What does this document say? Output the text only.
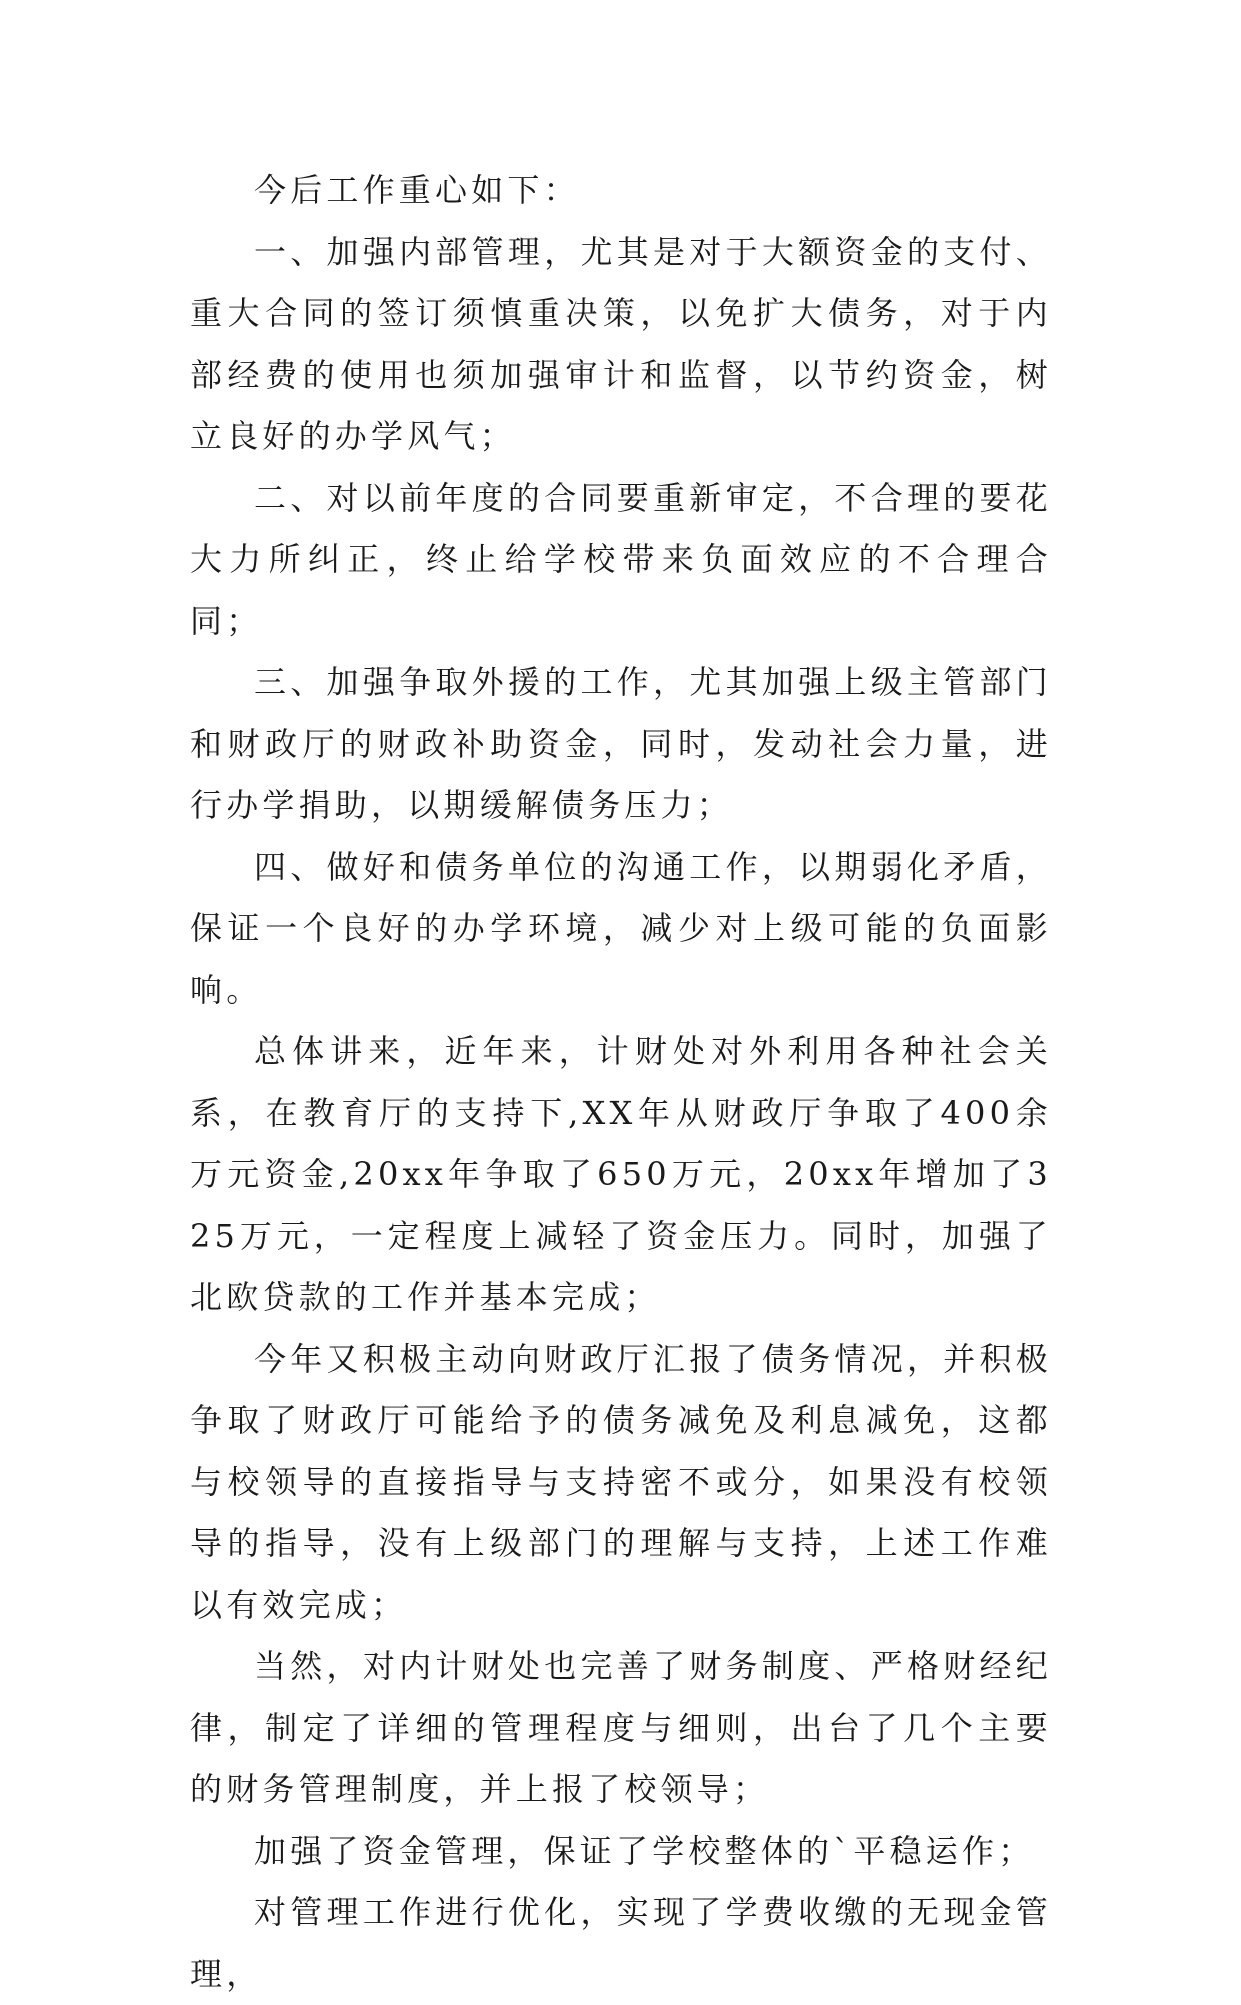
今后工作重心如下：

一、加强内部管理，尤其是对于大额资金的支付、重大合同的签订须慎重决策，以免扩大债务，对于内部经费的使用也须加强审计和监督，以节约资金，树立良好的办学风气；

二、对以前年度的合同要重新审定，不合理的要花大力所纠正，终止给学校带来负面效应的不合理合同；

三、加强争取外援的工作，尤其加强上级主管部门和财政厅的财政补助资金，同时，发动社会力量，进行办学捐助，以期缓解债务压力；

四、做好和债务单位的沟通工作，以期弱化矛盾，保证一个良好的办学环境，减少对上级可能的负面影响。

总体讲来，近年来，计财处对外利用各种社会关系，在教育厅的支持下,XX年从财政厅争取了400余万元资金,20xx年争取了650万元，20xx年增加了325万元，一定程度上减轻了资金压力。同时，加强了北欧贷款的工作并基本完成；

今年又积极主动向财政厅汇报了债务情况，并积极争取了财政厅可能给予的债务减免及利息减免，这都与校领导的直接指导与支持密不或分，如果没有校领导的指导，没有上级部门的理解与支持，上述工作难以有效完成；

当然，对内计财处也完善了财务制度、严格财经纪律，制定了详细的管理程度与细则，出台了几个主要的财务管理制度，并上报了校领导；

加强了资金管理，保证了学校整体的`平稳运作；

对管理工作进行优化，实现了学费收缴的无现金管理，
